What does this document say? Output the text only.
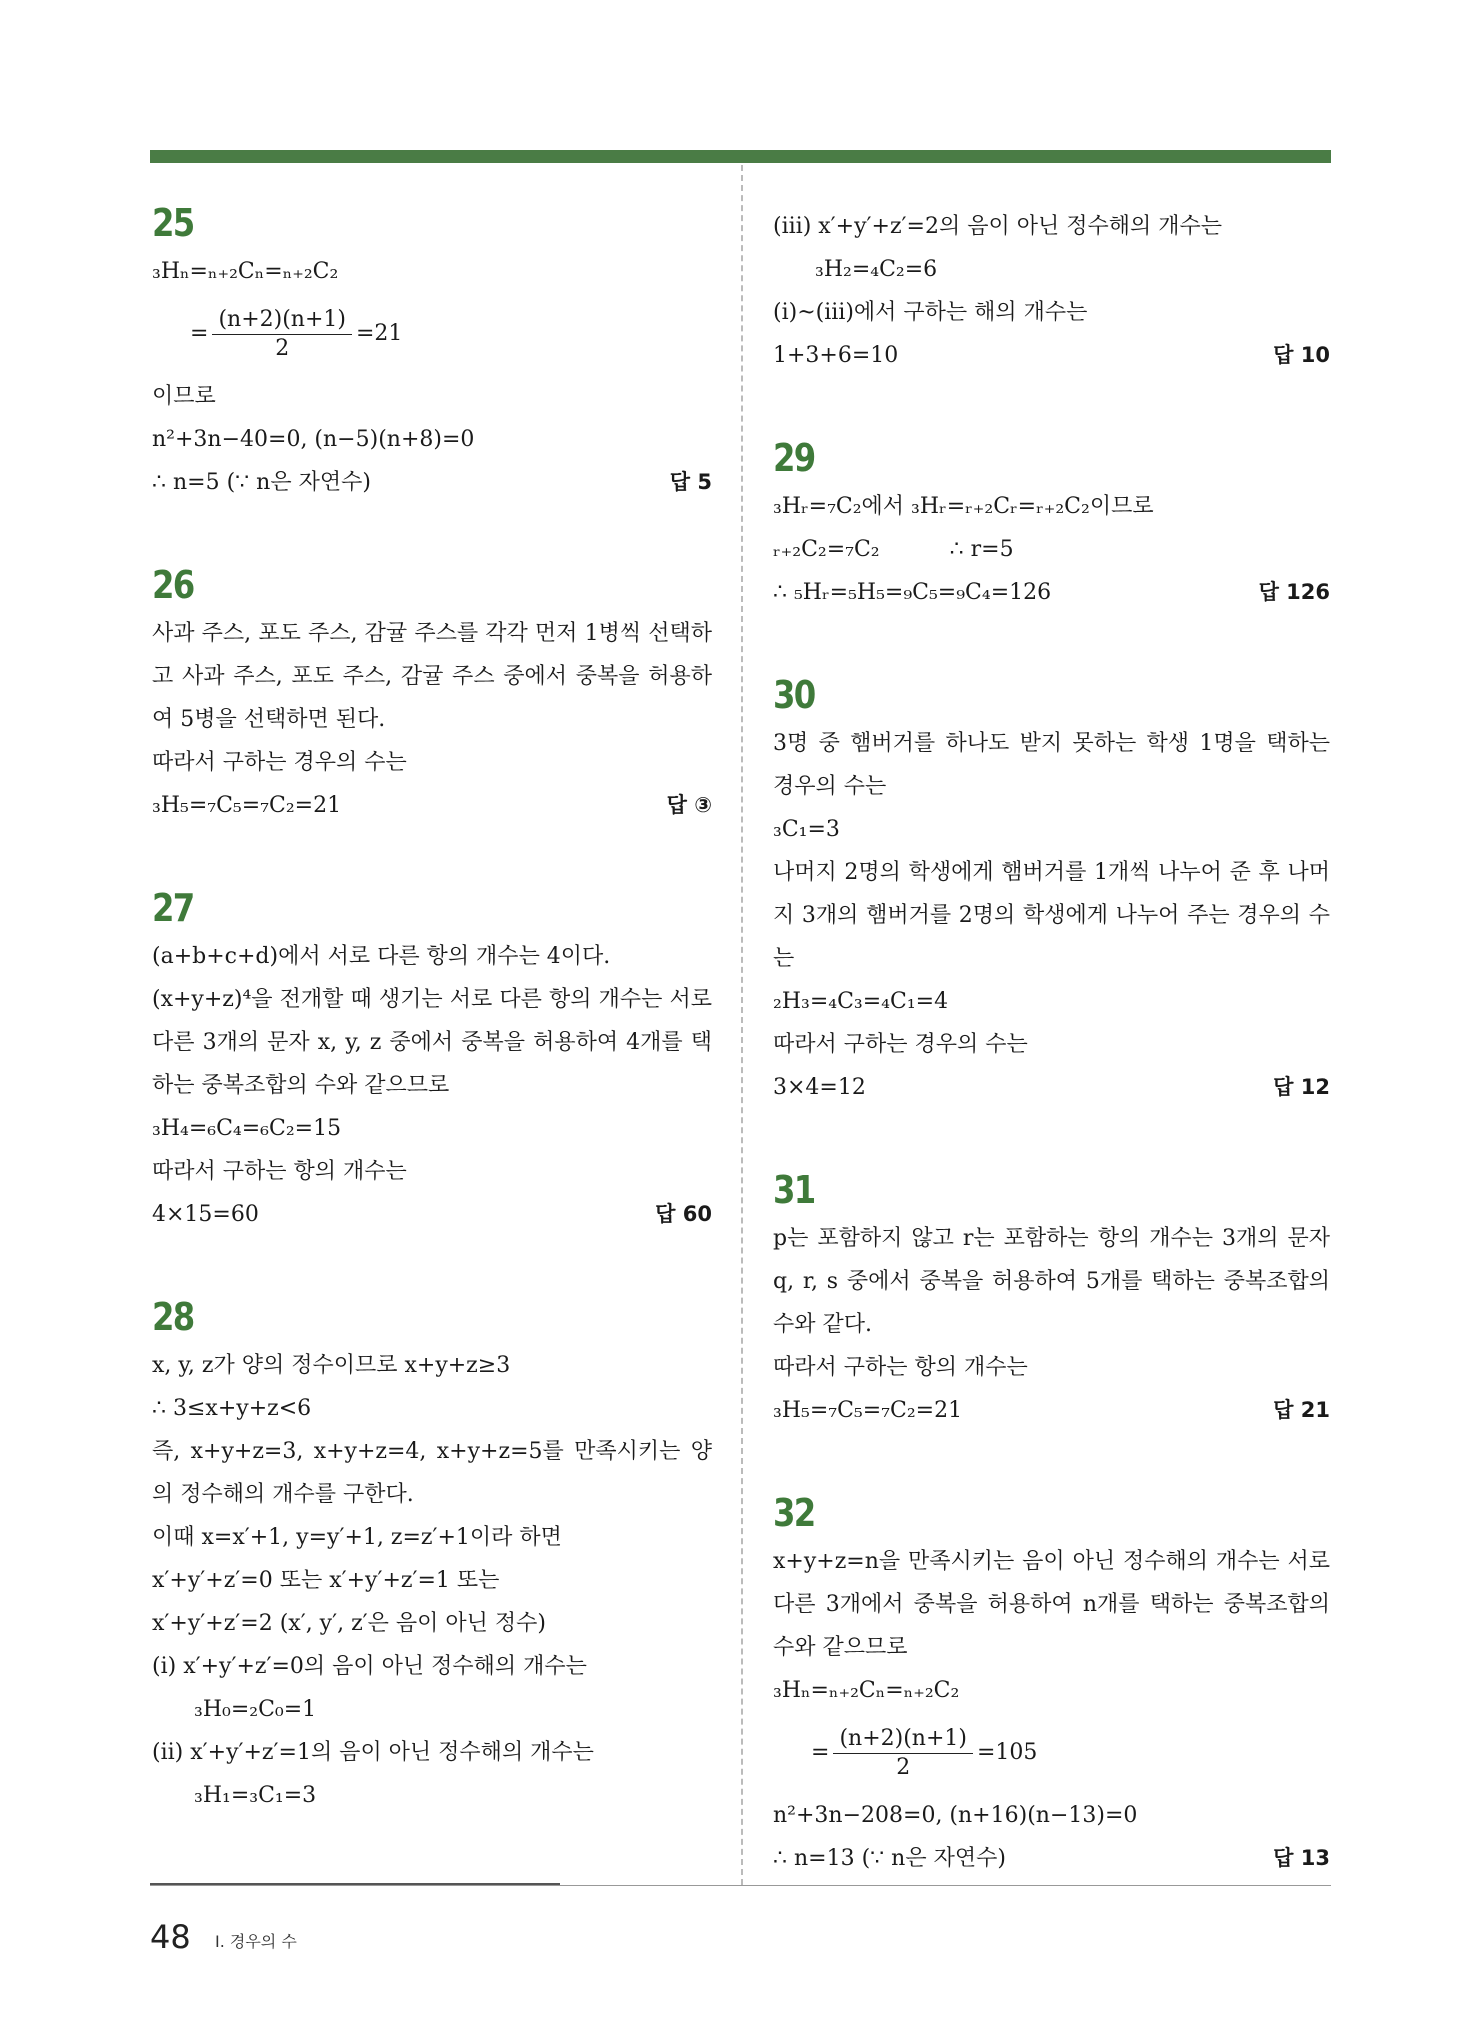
25
₃Hₙ=ₙ₊₂Cₙ=ₙ₊₂C₂
= $\frac{(n+2)(n+1)}{2} =21$
이므로
n²+3n−40=0, (n−5)(n+8)=0
∴ n=5 (∵ n은 자연수)	답 5
26
사과 주스, 포도 주스, 감귤 주스를 각각 먼저 1병씩 선택하고 사과 주스, 포도 주스, 감귤 주스 중에서 중복을 허용하여 5병을 선택하면 된다.
따라서 구하는 경우의 수는
₃H₅=₇C₅=₇C₂=21	답 ③
27
(a+b+c+d)에서 서로 다른 항의 개수는 4이다.
(x+y+z)⁴을 전개할 때 생기는 서로 다른 항의 개수는 서로 다른 3개의 문자 x, y, z 중에서 중복을 허용하여 4개를 택하는 중복조합의 수와 같으므로
₃H₄=₆C₄=₆C₂=15
따라서 구하는 항의 개수는
4×15=60	답 60
28
x, y, z가 양의 정수이므로 x+y+z≥3
∴ 3≤x+y+z<6
즉, x+y+z=3, x+y+z=4, x+y+z=5를 만족시키는 양의 정수해의 개수를 구한다.
이때 x=x′+1, y=y′+1, z=z′+1이라 하면
x′+y′+z′=0 또는 x′+y′+z′=1 또는
x′+y′+z′=2 (x′, y′, z′은 음이 아닌 정수)
(ⅰ) x′+y′+z′=0의 음이 아닌 정수해의 개수는
₃H₀=₂C₀=1
(ⅱ) x′+y′+z′=1의 음이 아닌 정수해의 개수는
₃H₁=₃C₁=3
(ⅲ) x′+y′+z′=2의 음이 아닌 정수해의 개수는
₃H₂=₄C₂=6
(ⅰ)~(ⅲ)에서 구하는 해의 개수는
1+3+6=10	답 10
29
₃Hᵣ=₇C₂에서 ₃Hᵣ=ᵣ₊₂Cᵣ=ᵣ₊₂C₂이므로
ᵣ₊₂C₂=₇C₂	∴ r=5
∴ ₅Hᵣ=₅H₅=₉C₅=₉C₄=126	답 126
30
3명 중 햄버거를 하나도 받지 못하는 학생 1명을 택하는 경우의 수는
₃C₁=3
나머지 2명의 학생에게 햄버거를 1개씩 나누어 준 후 나머지 3개의 햄버거를 2명의 학생에게 나누어 주는 경우의 수는
₂H₃=₄C₃=₄C₁=4
따라서 구하는 경우의 수는
3×4=12	답 12
31
p는 포함하지 않고 r는 포함하는 항의 개수는 3개의 문자 q, r, s 중에서 중복을 허용하여 5개를 택하는 중복조합의 수와 같다.
따라서 구하는 항의 개수는
₃H₅=₇C₅=₇C₂=21	답 21
32
x+y+z=n을 만족시키는 음이 아닌 정수해의 개수는 서로 다른 3개에서 중복을 허용하여 n개를 택하는 중복조합의 수와 같으므로
₃Hₙ=ₙ₊₂Cₙ=ₙ₊₂C₂
= $\frac{(n+2)(n+1)}{2} =105$
n²+3n−208=0, (n+16)(n−13)=0
∴ n=13 (∵ n은 자연수)	답 13
48 Ⅰ. 경우의 수
